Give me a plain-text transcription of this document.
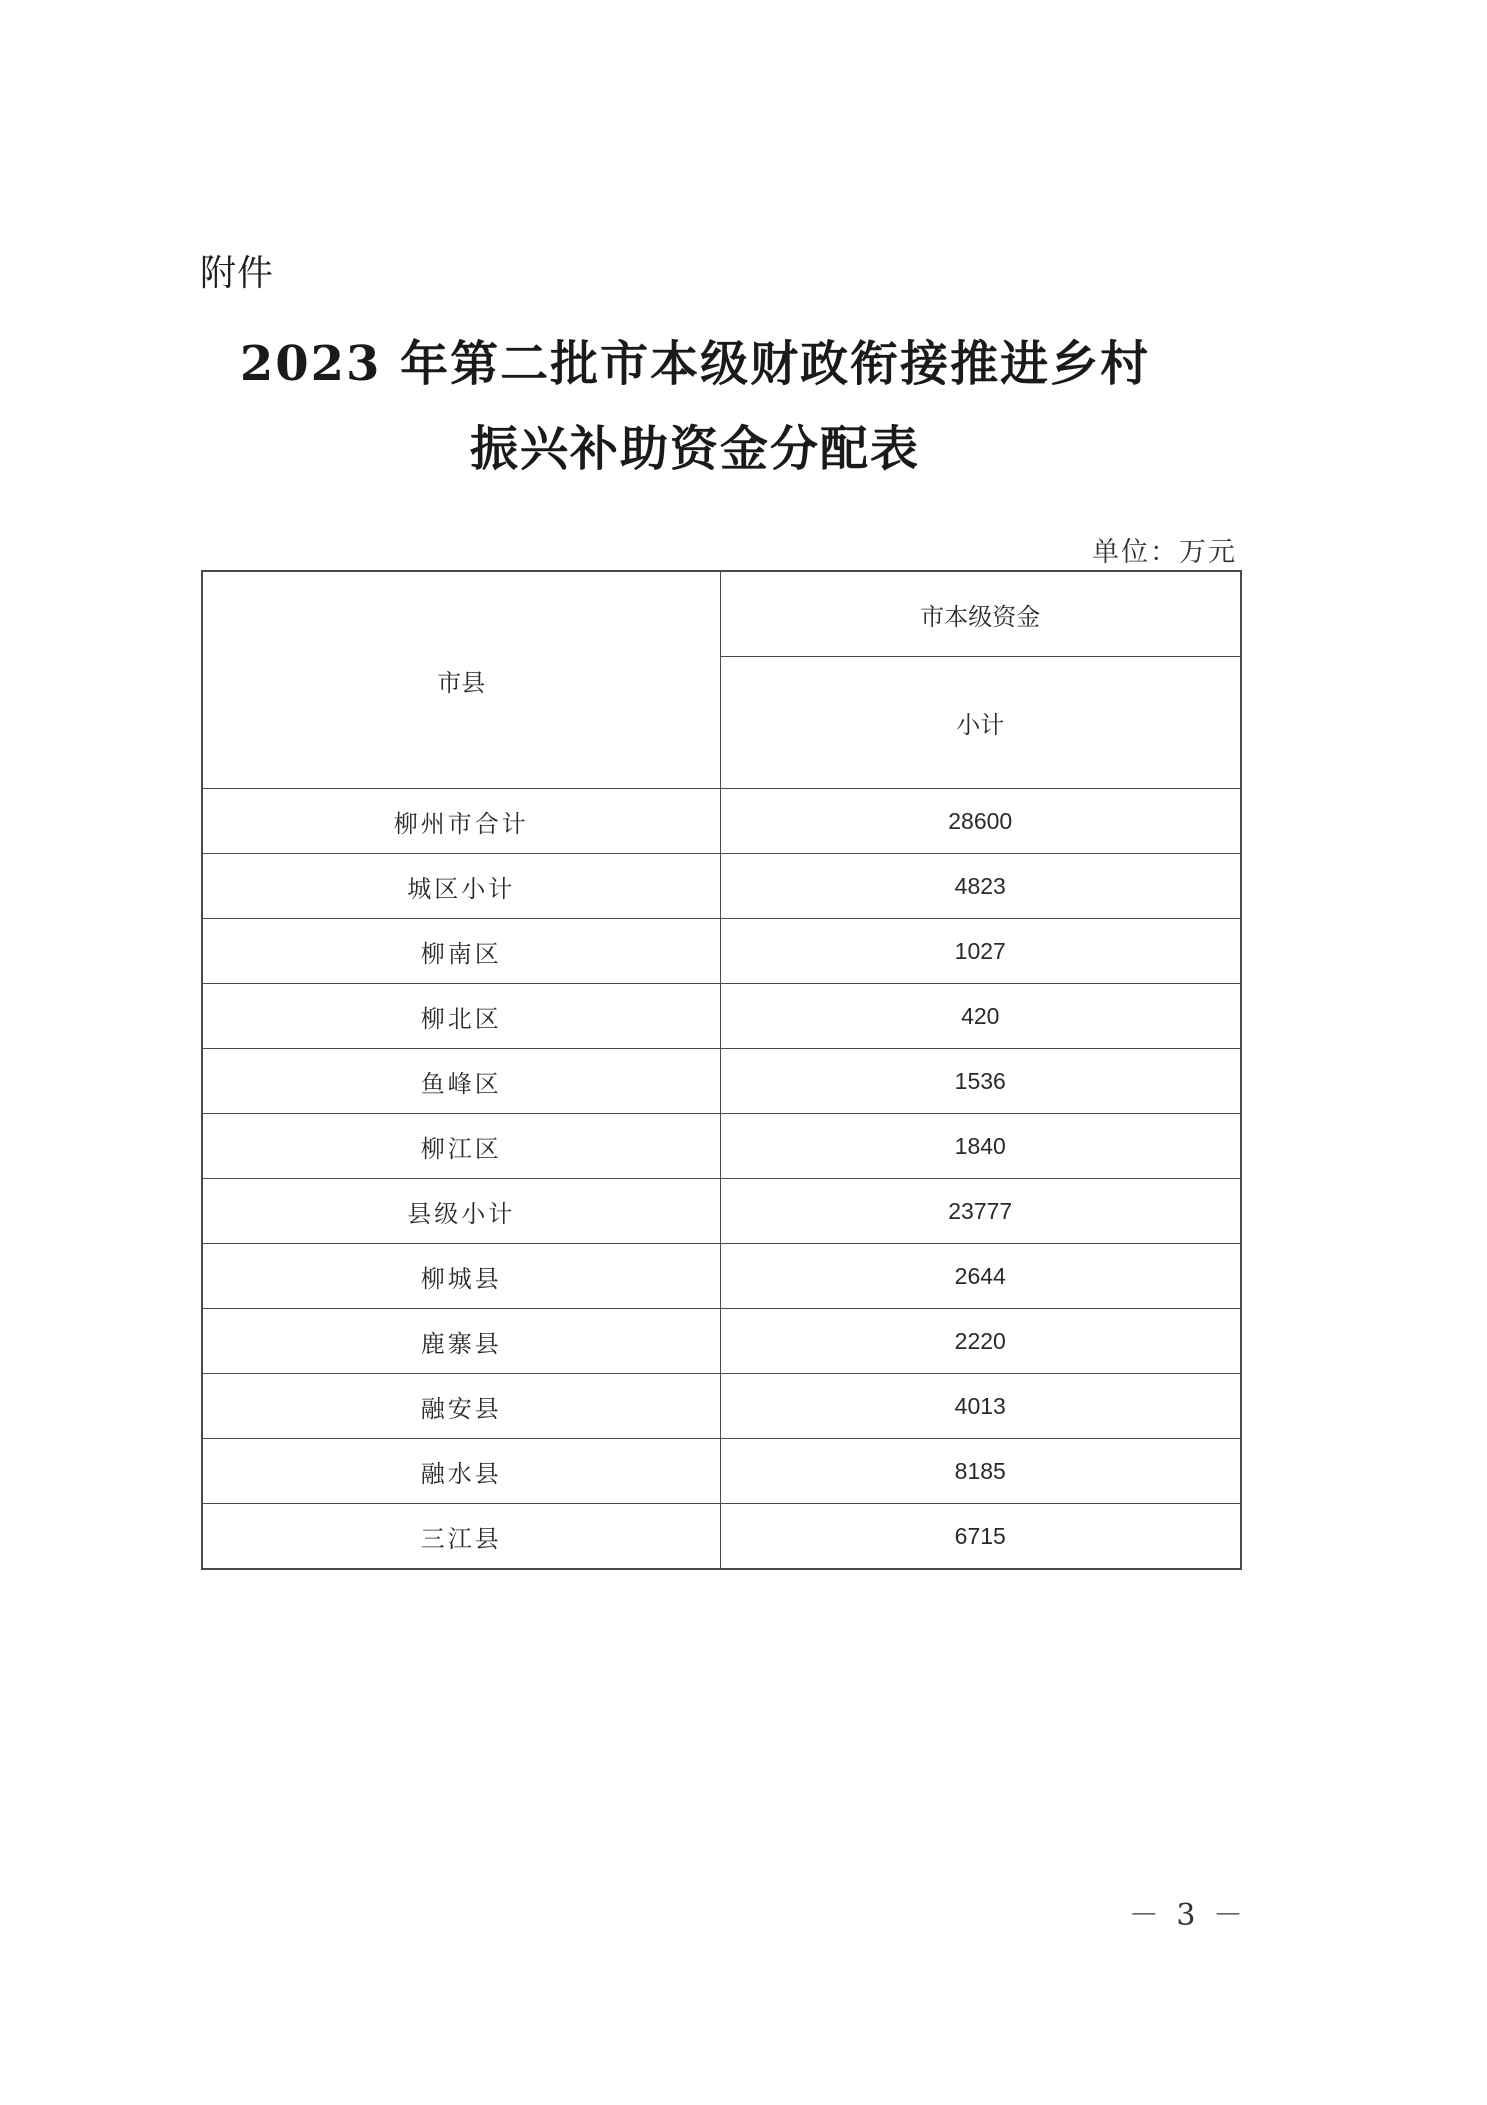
附件
2023 年第二批市本级财政衔接推进乡村
振兴补助资金分配表
单位：万元
市县	市本级资金
	小计
柳州市合计	28600
城区小计	4823
柳南区	1027
柳北区	420
鱼峰区	1536
柳江区	1840
县级小计	23777
柳城县	2644
鹿寨县	2220
融安县	4013
融水县	8185
三江县	6715
－ 3 －
